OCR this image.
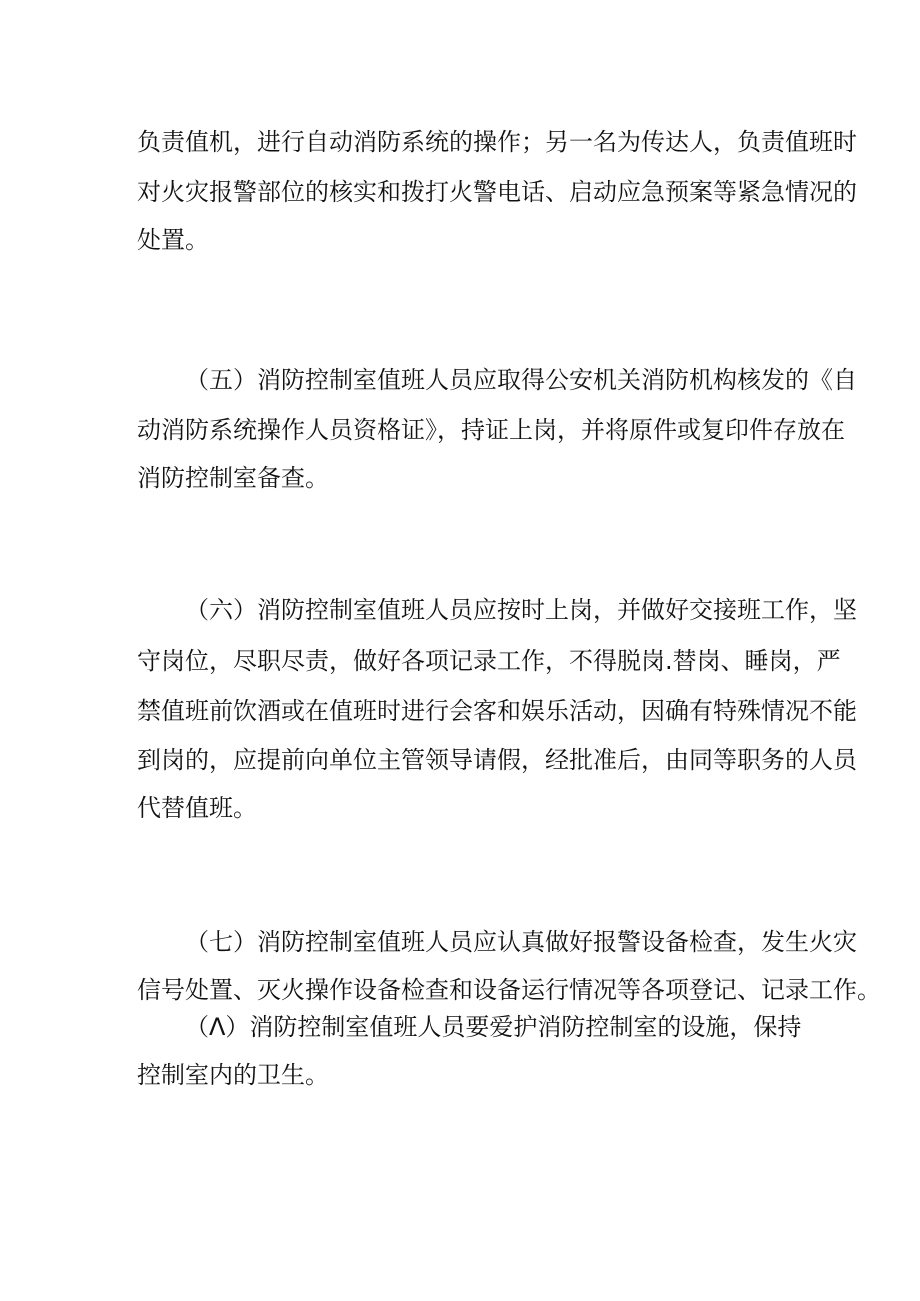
负责值机，进行自动消防系统的操作；另一名为传达人，负责值班时
对火灾报警部位的核实和拨打火警电话、启动应急预案等紧急情况的
处置。
（五）消防控制室值班人员应取得公安机关消防机构核发的《自
动消防系统操作人员资格证》，持证上岗，并将原件或复印件存放在
消防控制室备查。
（六）消防控制室值班人员应按时上岗，并做好交接班工作，坚
守岗位，尽职尽责，做好各项记录工作，不得脱岗.替岗、睡岗，严
禁值班前饮酒或在值班时进行会客和娱乐活动，因确有特殊情况不能
到岗的，应提前向单位主管领导请假，经批准后，由同等职务的人员
代替值班。
（七）消防控制室值班人员应认真做好报警设备检查，发生火灾
信号处置、灭火操作设备检查和设备运行情况等各项登记、记录工作。
（Λ）消防控制室值班人员要爱护消防控制室的设施，保持
控制室内的卫生。
